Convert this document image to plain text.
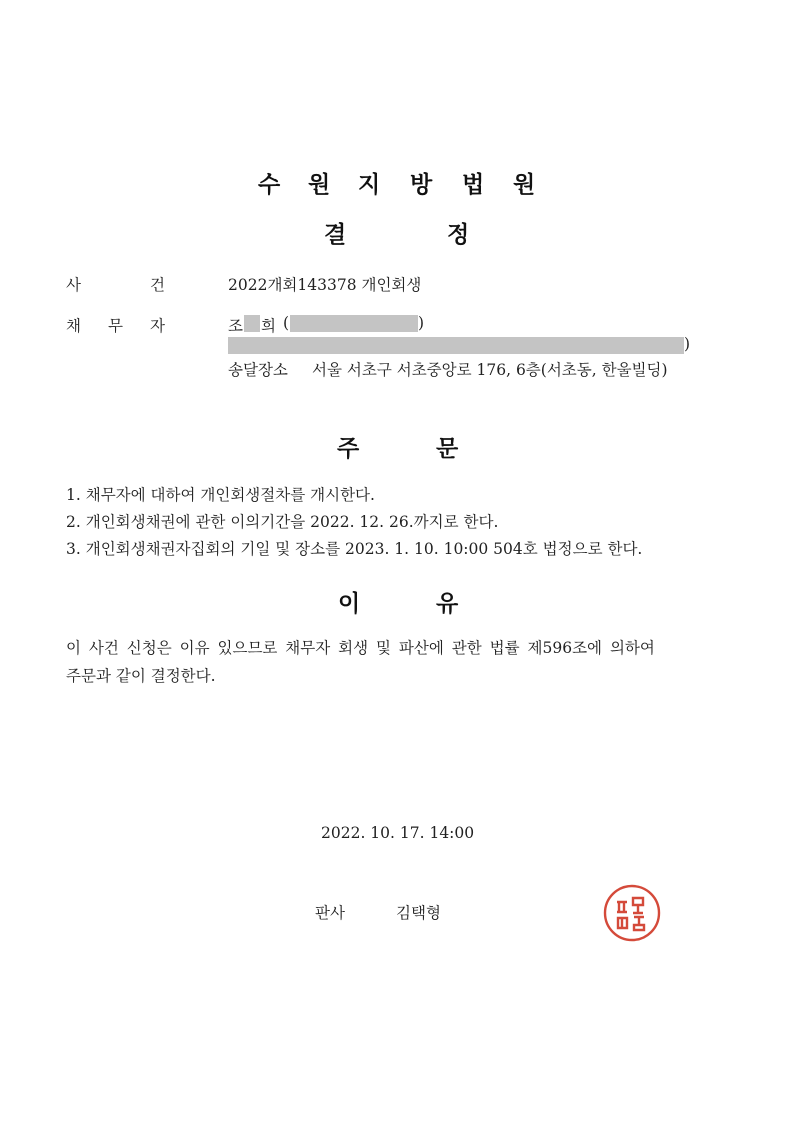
수 원 지 방 법 원
결	정
사	건	2022개회143378 개인회생
채 무 자	조 희 (	)
)
송달장소 서울 서초구 서초중앙로 176, 6층(서초동, 한울빌딩)
주	문
1. 채무자에 대하여 개인회생절차를 개시한다.
2. 개인회생채권에 관한 이의기간을 2022. 12. 26.까지로 한다.
3. 개인회생채권자집회의 기일 및 장소를 2023. 1. 10. 10:00 504호 법정으로 한다.
이	유
이 사건 신청은 이유 있으므로 채무자 회생 및 파산에 관한 법률 제596조에 의하여
주문과 같이 결정한다.
2022. 10. 17. 14:00
판사	김택형
